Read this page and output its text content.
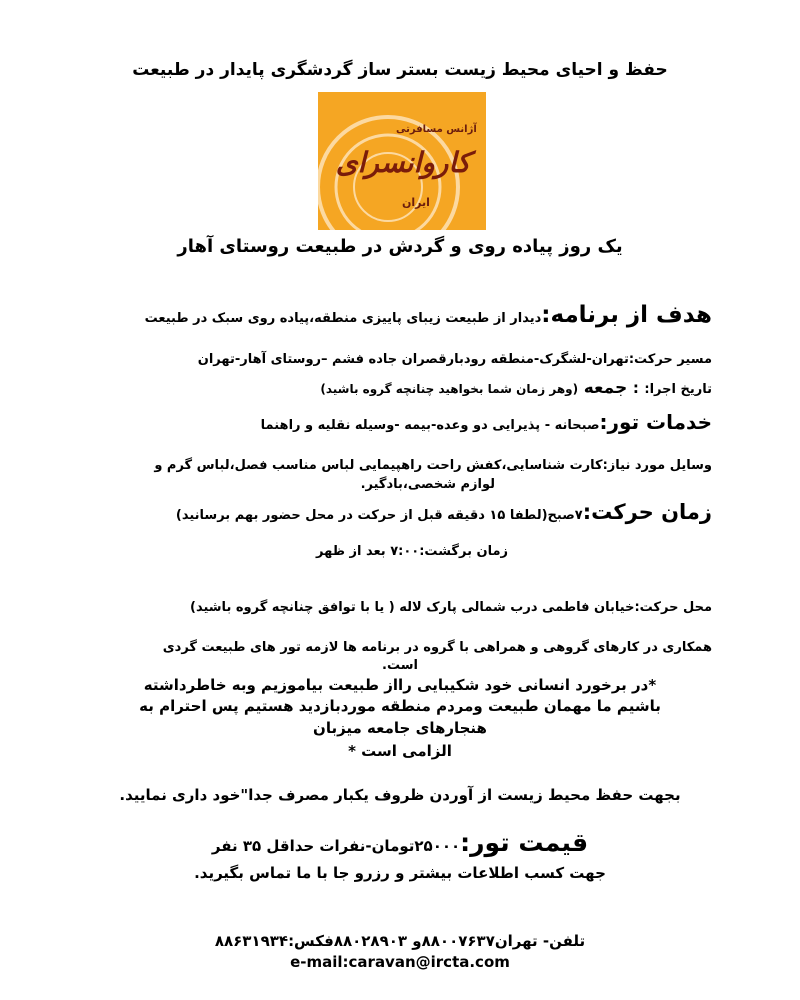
حفظ و احیای محیط زیست بستر ساز گردشگری پایدار در طبیعت
آژانس مسافرتی
کاروانسرای
ایران
یک روز پیاده روی و گردش در طبیعت روستای آهار
هدف از برنامه:دیدار از طبیعت زیبای پاییزی منطقه،پیاده روی سبک در طبیعت
مسیر حرکت:تهران-لشگرک-منطقه رودبارقصران جاده فشم –روستای آهار-تهران
تاریخ اجرا: : جمعه (وهر زمان شما بخواهید چنانچه گروه باشید)
خدمات تور:صبحانه - پذیرایی دو وعده-بیمه -وسیله نقلیه و راهنما
وسایل مورد نیاز:کارت شناسایی،کفش راحت راهپیمایی لباس مناسب فصل،لباس گرم و
لوازم شخصی،بادگیر.
زمان حرکت:۷صبح(لطفا ۱۵ دقیقه قبل از حرکت در محل حضور بهم برسانید)
زمان برگشت:۷:۰۰ بعد از ظهر
محل حرکت:خیابان فاطمی درب شمالی پارک لاله ( یا با توافق چنانچه گروه باشید)
همکاری در کارهای گروهی و همراهی با گروه در برنامه ها لازمه تور های طبیعت گردی
است.
*در برخورد انسانی خود شکیبایی رااز طبیعت بیاموزیم وبه خاطرداشته
باشیم ما مهمان طبیعت ومردم منطقه موردبازدید هستیم پس احترام به
هنجارهای جامعه میزبان
الزامی است *
بجهت حفظ محیط زیست از آوردن ظروف یکبار مصرف جدا"خود داری نمایید.
قیمت تور:۲۵۰۰۰تومان-نفرات حداقل ۳۵ نفر
جهت کسب اطلاعات بیشتر و رزرو جا با ما تماس بگیرید.
تلفن- تهران۸۸۰۰۷۶۳۷و ۸۸۰۲۸۹۰۳فکس:۸۸۶۳۱۹۳۴
e-mail:caravan@ircta.com
